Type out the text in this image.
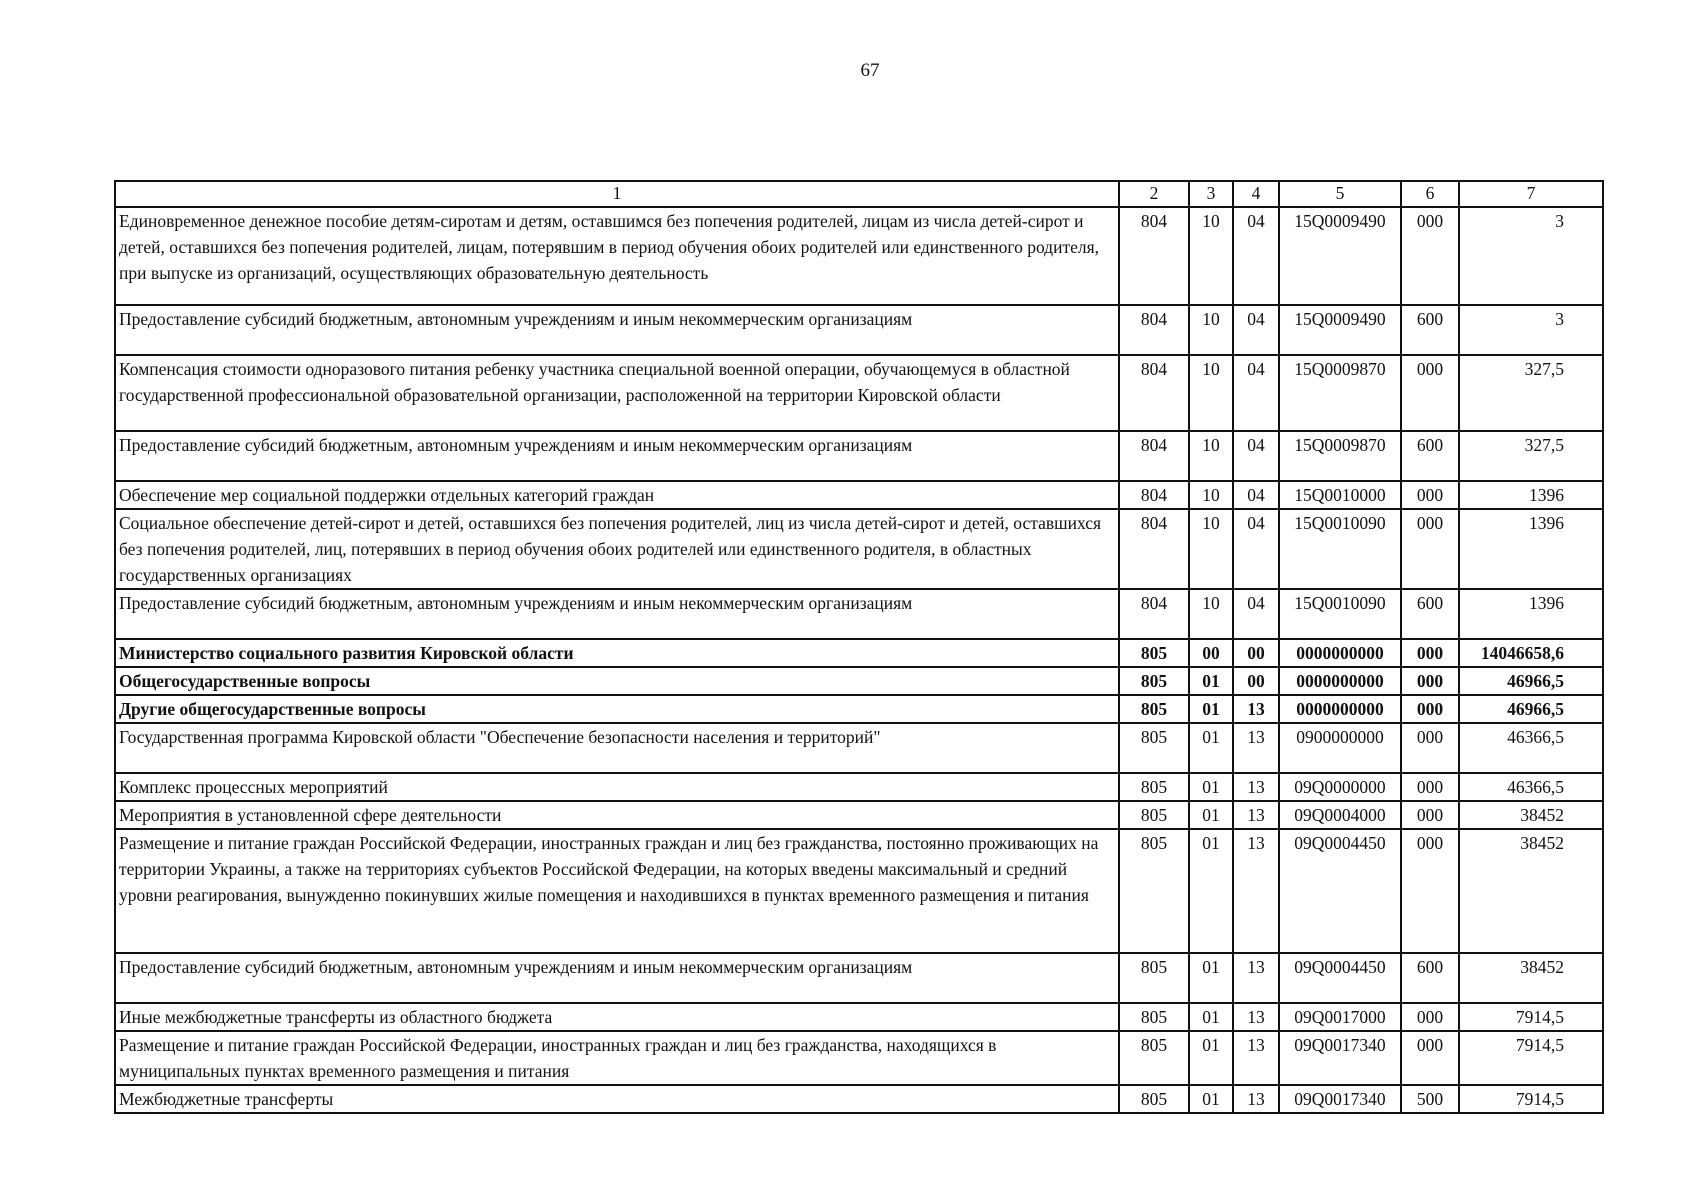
67
1	2	3	4	5	6	7
Единовременное денежное пособие детям-сиротам и детям, оставшимся без попечения родителей, лицам из числа детей-сирот и детей, оставшихся без попечения родителей, лицам, потерявшим в период обучения обоих родителей или единственного родителя, при выпуске из организаций, осуществляющих образовательную деятельность	804	10	04	15Q0009490	000	3
Предоставление субсидий бюджетным, автономным учреждениям и иным некоммерческим организациям	804	10	04	15Q0009490	600	3
Компенсация стоимости одноразового питания ребенку участника специальной военной операции, обучающемуся в областной государственной профессиональной образовательной организации, расположенной на территории Кировской области	804	10	04	15Q0009870	000	327,5
Предоставление субсидий бюджетным, автономным учреждениям и иным некоммерческим организациям	804	10	04	15Q0009870	600	327,5
Обеспечение мер социальной поддержки отдельных категорий граждан	804	10	04	15Q0010000	000	1396
Социальное обеспечение детей-сирот и детей, оставшихся без попечения родителей, лиц из числа детей-сирот и детей, оставшихся без попечения родителей, лиц, потерявших в период обучения обоих родителей или единственного родителя, в областных государственных организациях	804	10	04	15Q0010090	000	1396
Предоставление субсидий бюджетным, автономным учреждениям и иным некоммерческим организациям	804	10	04	15Q0010090	600	1396
Министерство социального развития Кировской области	805	00	00	0000000000	000	14046658,6
Общегосударственные вопросы	805	01	00	0000000000	000	46966,5
Другие общегосударственные вопросы	805	01	13	0000000000	000	46966,5
Государственная программа Кировской области "Обеспечение безопасности населения и территорий"	805	01	13	0900000000	000	46366,5
Комплекс процессных мероприятий	805	01	13	09Q0000000	000	46366,5
Мероприятия в установленной сфере деятельности	805	01	13	09Q0004000	000	38452
Размещение и питание граждан Российской Федерации, иностранных граждан и лиц без гражданства, постоянно проживающих на территории Украины, а также на территориях субъектов Российской Федерации, на которых введены максимальный и средний уровни реагирования, вынужденно покинувших жилые помещения и находившихся в пунктах временного размещения и питания	805	01	13	09Q0004450	000	38452
Предоставление субсидий бюджетным, автономным учреждениям и иным некоммерческим организациям	805	01	13	09Q0004450	600	38452
Иные межбюджетные трансферты из областного бюджета	805	01	13	09Q0017000	000	7914,5
Размещение и питание граждан Российской Федерации, иностранных граждан и лиц без гражданства, находящихся в муниципальных пунктах временного размещения и питания	805	01	13	09Q0017340	000	7914,5
Межбюджетные трансферты	805	01	13	09Q0017340	500	7914,5
